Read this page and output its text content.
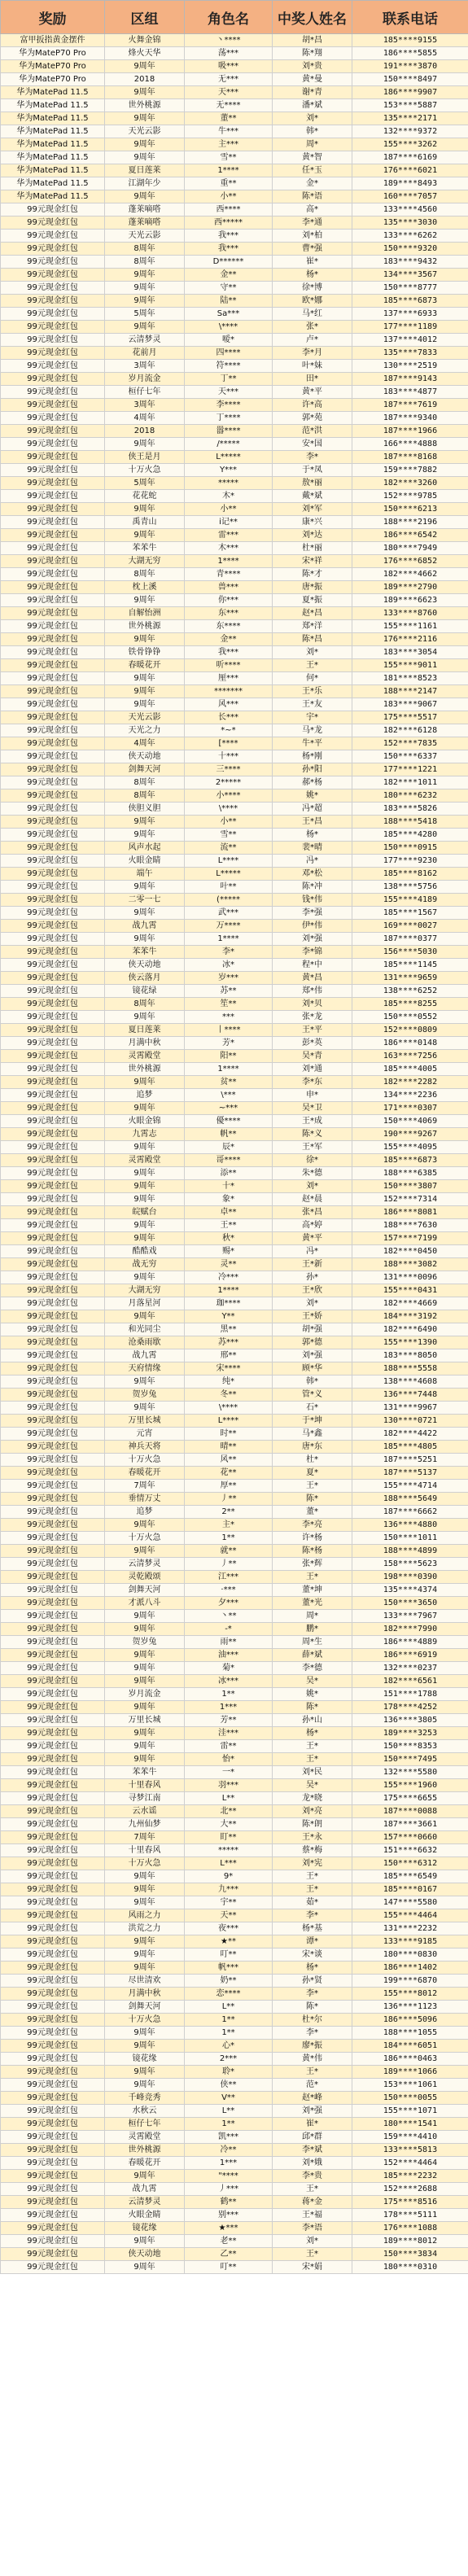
奖励	区组	角色名	中奖人姓名	联系电话
富甲扳指黄金摆件	火舞金锦	丶****	胡*昌	185****9155
华为MateP70 Pro	烽火天华	荡***	陈*翔	186****5855
华为MateP70 Pro	9周年	吸***	刘*贵	191****3870
华为MateP70 Pro	2018	无***	黄*曼	150****8497
华为MatePad 11.5	9周年	天***	谢*青	186****9907
华为MatePad 11.5	世外桃源	无****	潘*斌	153****5887
华为MatePad 11.5	9周年	董**	刘*	135****2171
华为MatePad 11.5	天光云影	牛***	韩*	132****9372
华为MatePad 11.5	9周年	主***	周*	155****3262
华为MatePad 11.5	9周年	雪**	黄*智	187****6169
华为MatePad 11.5	夏日莲莱	1****	任*玉	176****6021
华为MatePad 11.5	江湖年少	重**	金*	189****8493
华为MatePad 11.5	9周年	小**	陈*语	160****7057
99元现金红包	蓬莱嘀嗒	西****	高*	133****4560
99元现金红包	蓬莱嘀嗒	西*****	李*通	135****3030
99元现金红包	天光云影	我***	刘*柏	133****6262
99元现金红包	8周年	我***	曹*强	150****9320
99元现金红包	8周年	D******	崔*	183****9432
99元现金红包	9周年	金**	杨*	134****3567
99元现金红包	9周年	守**	徐*博	150****8777
99元现金红包	9周年	陆**	欧*娜	185****6873
99元现金红包	5周年	Sa***	马*红	137****6933
99元现金红包	9周年	\****	张*	177****1189
99元现金红包	云清梦灵	嗳*	卢*	137****4012
99元现金红包	花前月	四****	李*月	135****7833
99元现金红包	3周年	符****	叶*妹	130****2519
99元现金红包	岁月流金	丁**	田*	187****9143
99元现金红包	桓仔七年	天***	黄*平	183****4877
99元现金红包	3周年	李****	许*高	187****7619
99元现金红包	4周年	丁****	郭*苑	187****9340
99元现金红包	2018	嚣****	范*洪	187****1966
99元现金红包	9周年	/*****	安*国	166****4888
99元现金红包	侠王是月	L*****	李*	187****8168
99元现金红包	十万火急	Y***	于*凤	159****7882
99元现金红包	5周年	*****	敖*丽	182****3260
99元现金红包	花花蛇	木*	戴*斌	152****9785
99元现金红包	9周年	小**	刘*军	150****6213
99元现金红包	禹青山	i记**	康*兴	188****2196
99元现金红包	9周年	雷***	刘*达	186****6542
99元现金红包	苯苯牛	木***	杜*丽	180****7949
99元现金红包	大湖无穷	1****	宋*祥	176****6852
99元现金红包	8周年	青****	陈*才	182****4662
99元现金红包	枕上溪	兽***	唐*振	189****2790
99元现金红包	9周年	你***	夏*振	189****6623
99元现金红包	自解怡洲	东***	赵*昌	133****8760
99元现金红包	世外桃源	东****	郑*洋	155****1161
99元现金红包	9周年	金**	陈*昌	176****2116
99元现金红包	铁骨铮铮	我***	刘*	183****3054
99元现金红包	春暖花开	听****	王*	155****9011
99元现金红包	9周年	厘***	何*	181****8523
99元现金红包	9周年	*******	王*乐	188****2147
99元现金红包	9周年	风***	王*友	183****9067
99元现金红包	天光云影	长***	宇*	175****5517
99元现金红包	天光之力	*~*	马*龙	182****6128
99元现金红包	4周年	[****	牛*平	152****7835
99元现金红包	侠天动地	十***	杨*刚	150****6337
99元现金红包	剑舞天河	三****	孙*阳	177****1221
99元现金红包	8周年	2*****	郝*杨	182****1011
99元现金红包	8周年	小****	姚*	180****6232
99元现金红包	侠胆义胆	\****	冯*超	183****5826
99元现金红包	9周年	小**	王*昌	188****5418
99元现金红包	9周年	雪**	杨*	185****4280
99元现金红包	风声水起	流**	裴*晴	150****0915
99元现金红包	火眼金睛	L****	冯*	177****9230
99元现金红包	端午	L*****	邓*松	185****8162
99元现金红包	9周年	叶**	陈*冲	138****5756
99元现金红包	二零一七	(*****	钱*伟	155****4189
99元现金红包	9周年	武***	李*强	185****1567
99元现金红包	战九霄	万****	伊*伟	169****0027
99元现金红包	9周年	1****	刘*强	187****0377
99元现金红包	苯苯牛	李*	李*锦	156****5030
99元现金红包	侠天动地	冰*	程*中	185****1145
99元现金红包	侠云落月	岁***	黄*昌	131****9659
99元现金红包	镜花绿	苏**	郑*伟	138****6252
99元现金红包	8周年	笙**	刘*贝	185****8255
99元现金红包	9周年	***	张*龙	150****0552
99元现金红包	夏日莲莱	丨****	王*平	152****0809
99元现金红包	月满中秋	芳*	彭*英	186****0148
99元现金红包	灵霄殿堂	阳**	吴*青	163****7256
99元现金红包	世外桃源	1****	刘*通	185****4005
99元现金红包	9周年	贫**	李*东	182****2282
99元现金红包	追梦	\***	申*	134****2236
99元现金红包	9周年	~***	吴*卫	171****0307
99元现金红包	火眼金锦	優****	王*成	150****4069
99元现金红包	九霄志	帆**	陈*义	190****9267
99元现金红包	9周年	辰*	王*军	155****4095
99元现金红包	灵霄殿堂	哥****	徐*	185****6873
99元现金红包	9周年	添**	朱*德	188****6385
99元现金红包	9周年	十*	刘*	150****3807
99元现金红包	9周年	象*	赵*晨	152****7314
99元现金红包	皖赋台	卓**	张*昌	186****8081
99元现金红包	9周年	王**	高*婷	188****7630
99元现金红包	9周年	秋*	黄*平	157****7199
99元现金红包	酷酷戏	赐*	冯*	182****0450
99元现金红包	战无穷	灵**	王*新	188****3082
99元现金红包	9周年	冷***	孙*	131****0096
99元现金红包	大湖无穷	1****	王*欣	155****0431
99元现金红包	月落星河	珈****	刘*	182****4669
99元现金红包	9周年	Y**	王*娇	184****3192
99元现金红包	和光同尘	黑**	胡*强	182****6490
99元现金红包	沧桑雨歇	苏***	郭*德	155****1390
99元现金红包	战九霄	邢**	刘*强	183****8050
99元现金红包	天府情缘	宋****	顾*华	188****5558
99元现金红包	9周年	纯*	韩*	138****4608
99元现金红包	贺岁兔	冬**	管*义	136****7448
99元现金红包	9周年	\****	石*	131****9967
99元现金红包	万里长城	L****	于*坤	130****0721
99元现金红包	元宵	时**	马*鑫	182****4422
99元现金红包	神兵天将	晴**	唐*东	185****4805
99元现金红包	十万火急	风**	杜*	187****5251
99元现金红包	春暖花开	花**	夏*	187****5137
99元现金红包	7周年	厚**	王*	155****4714
99元现金红包	垂情万丈	丿**	陈*	188****5649
99元现金红包	追梦	2**	董*	187****6662
99元现金红包	9周年	主*	李*亮	136****4880
99元现金红包	十万火急	1**	许*杨	150****1011
99元现金红包	9周年	就**	陈*杨	188****4899
99元现金红包	云清梦灵	丿**	张*辉	158****5623
99元现金红包	灵乾殿颂	江***	王*	198****0390
99元现金红包	剑舞天河	·***	董*坤	135****4374
99元现金红包	才派八斗	夕***	董*光	150****3650
99元现金红包	9周年	丶**	周*	133****7967
99元现金红包	9周年	-*	鹏*	182****7990
99元现金红包	贺岁兔	雨**	周*生	186****4889
99元现金红包	9周年	油***	薛*斌	186****6919
99元现金红包	9周年	菊*	李*德	132****0237
99元现金红包	9周年	冰***	吴*	182****6561
99元现金红包	岁月流金	1**	姚*	151****1788
99元现金红包	9周年	1***	陈*	178****4252
99元现金红包	万里长城	芳**	孙*山	136****3805
99元现金红包	9周年	洼***	杨*	189****3253
99元现金红包	9周年	雷**	王*	150****8353
99元现金红包	9周年	怡*	王*	150****7495
99元现金红包	苯苯牛	一*	刘*民	132****5580
99元现金红包	十里春风	羽***	吴*	155****1960
99元现金红包	寻梦江南	L**	龙*晓	175****6655
99元现金红包	云水谣	北**	刘*亮	187****0088
99元现金红包	九州仙梦	大**	陈*朗	187****3661
99元现金红包	7周年	盯**	王*永	157****0660
99元现金红包	十里春风	*****	蔡*梅	151****6632
99元现金红包	十万火急	L***	刘*宪	150****6312
99元现金红包	9周年	9*	王*	185****6549
99元现金红包	9周年	九***	王*	185****0167
99元现金红包	9周年	宇**	茹*	147****5580
99元现金红包	风雨之力	天**	李*	155****4464
99元现金红包	洪荒之力	夜***	杨*基	131****2232
99元现金红包	9周年	★**	谭*	133****9185
99元现金红包	9周年	叮**	宋*谈	180****0830
99元现金红包	9周年	帆***	杨*	186****1402
99元现金红包	尽世清欢	奶**	孙*贤	199****6870
99元现金红包	月满中秋	恋****	李*	155****8012
99元现金红包	剑舞天河	L**	陈*	136****1123
99元现金红包	十万火急	1**	杜*尔	186****5096
99元现金红包	9周年	1**	李*	188****1055
99元现金红包	9周年	心*	廖*振	184****6051
99元现金红包	镜花缘	2***	黄*伟	186****0463
99元现金红包	9周年	聆*	王*	189****1066
99元现金红包	9周年	侠**	范*	153****1061
99元现金红包	千峰竞秀	V**	赵*峰	150****0055
99元现金红包	水秋云	L**	刘*强	155****1071
99元现金红包	桓仔七年	1**	崔*	180****1541
99元现金红包	灵霄殿堂	凯***	邱*群	159****4410
99元现金红包	世外桃源	冷**	李*斌	133****5813
99元现金红包	春暖花开	1***	刘*娥	152****4464
99元现金红包	9周年	"****	李*贵	185****2232
99元现金红包	战九霄	丿***	王*	152****2688
99元现金红包	云清梦灵	鹤**	蒋*金	175****8516
99元现金红包	火眼金睛	别***	王*福	178****5111
99元现金红包	镜花缘	★***	李*语	176****1088
99元现金红包	9周年	老**	刘*	189****8012
99元现金红包	侠天动地	乙**	王*	150****3834
99元现金红包	9周年	叮**	宋*娟	180****0310
